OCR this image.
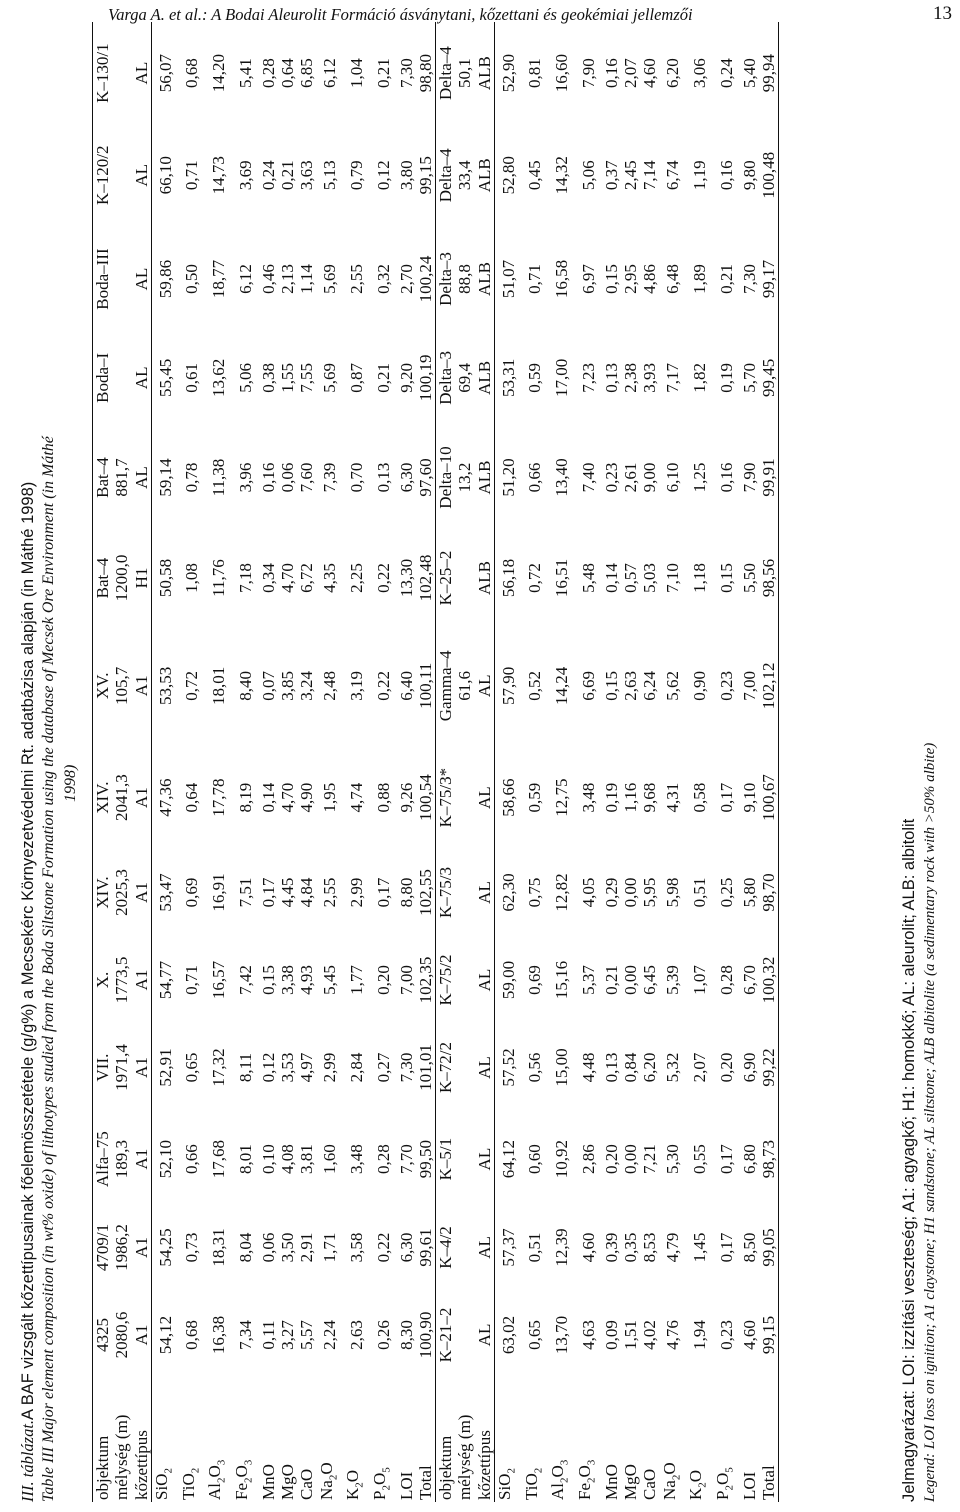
Varga A. et al.: A Bodai Aleurolit Formáció ásványtani, kőzettani és geokémiai jellemzői	13
III. táblázat.A BAF vizsgált kőzettípusainak főelemösszetétele (g/g%) a Mecsekérc Környezetvédelmi Rt. adatbázisa alapján (in Máthé 1998) Table III Major element composition (in wt% oxide) of lithotypes studied from the Boda Siltstone Formation using the database of Mecsek Ore Environment (in Máthé 1998)
objektum	4325	4709/1	Alfa–75	VII.	X.	XIV.	XIV.	XV.	Bat–4	Bat–4	Boda–I	Boda–III	K–120/2	K–130/1
mélység (m)	2080,6	1986,2	189,3	1971,4	1773,5	2025,3	2041,3	105,7	1200,0	881,7				
kőzettípus	A1	A1	A1	A1	A1	A1	A1	A1	H1	AL	AL	AL	AL	AL
SiO$_2$	54,12	54,25	52,10	52,91	54,77	53,47	47,36	53,53	50,58	59,14	55,45	59,86	66,10	56,07
TiO$_2$	0,68	0,73	0,66	0,65	0,71	0,69	0,64	0,72	1,08	0,78	0,61	0,50	0,71	0,68
$Al_2O_3$	16,38	18,31	17,68	17,32	16,57	16,91	17,78	18,01	11,76	11,38	13,62	18,77	14,73	14,20
$Fe_2O_3$	7,34	8,04	8,01	8,11	7,42	7,51	8,19	8,40	7,18	3,96	5,06	6,12	3,69	5,41
MnO	0,11	0,06	0,10	0,12	0,15	0,17	0,14	0,07	0,34	0,16	0,38	0,46	0,24	0,28
MgO	3,27	3,50	4,08	3,53	3,38	4,45	4,70	3,85	4,70	0,06	1,55	2,13	0,21	0,64
CaO	5,57	2,91	3,81	4,97	4,93	4,84	4,90	3,24	6,72	7,60	7,55	1,14	3,63	6,85
$Na_2O$	2,24	1,71	1,60	2,99	5,45	2,55	1,95	2,48	4,35	7,39	5,69	5,69	5,13	6,12
$K_2O$	2,63	3,58	3,48	2,84	1,77	2,99	4,74	3,19	2,25	0,70	0,87	2,55	0,79	1,04
$P_2O_5$	0,26	0,22	0,28	0,27	0,20	0,17	0,88	0,22	0,22	0,13	0,21	0,32	0,12	0,21
LOI	8,30	6,30	7,70	7,30	7,00	8,80	9,26	6,40	13,30	6,30	9,20	2,70	3,80	7,30
Total	100,90	99,61	99,50	101,01	102,35	102,55	100,54	100,11	102,48	97,60	100,19	100,24	99,15	98,80
objektum	K–21–2	K–4/2	K–5/1	K–72/2	K–75/2	K–75/3	K–75/3*	Gamma–4	K–25–2	Delta–10	Delta–3	Delta–3	Delta–4	Delta–4
mélység (m)								61,6		13,2	69,4	88,8	33,4	50,1
kőzettípus	AL	AL	AL	AL	AL	AL	AL	AL	ALB	ALB	ALB	ALB	ALB	ALB
SiO$_2$	63,02	57,37	64,12	57,52	59,00	62,30	58,66	57,90	56,18	51,20	53,31	51,07	52,80	52,90
TiO$_2$	0,65	0,51	0,60	0,56	0,69	0,75	0,59	0,52	0,72	0,66	0,59	0,71	0,45	0,81
$Al_2O_3$	13,70	12,39	10,92	15,00	15,16	12,82	12,75	14,24	16,51	13,40	17,00	16,58	14,32	16,60
$Fe_2O_3$	4,63	4,60	2,86	4,48	5,37	4,05	3,48	6,69	5,48	7,40	7,23	6,97	5,06	7,90
MnO	0,09	0,39	0,20	0,13	0,21	0,29	0,19	0,15	0,14	0,23	0,13	0,15	0,37	0,16
MgO	1,51	0,35	0,00	0,84	0,00	0,00	1,16	2,63	0,57	2,61	2,38	2,95	2,45	2,07
CaO	4,02	8,53	7,21	6,20	6,45	5,95	9,68	6,24	5,03	9,00	3,93	4,86	7,14	4,60
$Na_2O$	4,76	4,79	5,30	5,32	5,39	5,98	4,31	5,62	7,10	6,10	7,17	6,48	6,74	6,20
$K_2O$	1,94	1,45	0,55	2,07	1,07	0,51	0,58	0,90	1,18	1,25	1,82	1,89	1,19	3,06
$P_2O_5$	0,23	0,17	0,17	0,20	0,28	0,25	0,17	0,23	0,15	0,16	0,19	0,21	0,16	0,24
LOI	4,60	8,50	6,80	6,90	6,70	5,80	9,10	7,00	5,50	7,90	5,70	7,30	9,80	5,40
Total	99,15	99,05	98,73	99,22	100,32	98,70	100,67	102,12	98,56	99,91	99,45	99,17	100,48	99,94
Jelmagyarázat: LOI: izzítási veszteség; A1: agyagkő; H1: homokkő; AL: aleurolit; ALB: albitolit Legend: LOI loss on ignition; A1 claystone; H1 sandstone; AL siltstone; ALB albitolite (a sedimentary rock with >50% albite)
